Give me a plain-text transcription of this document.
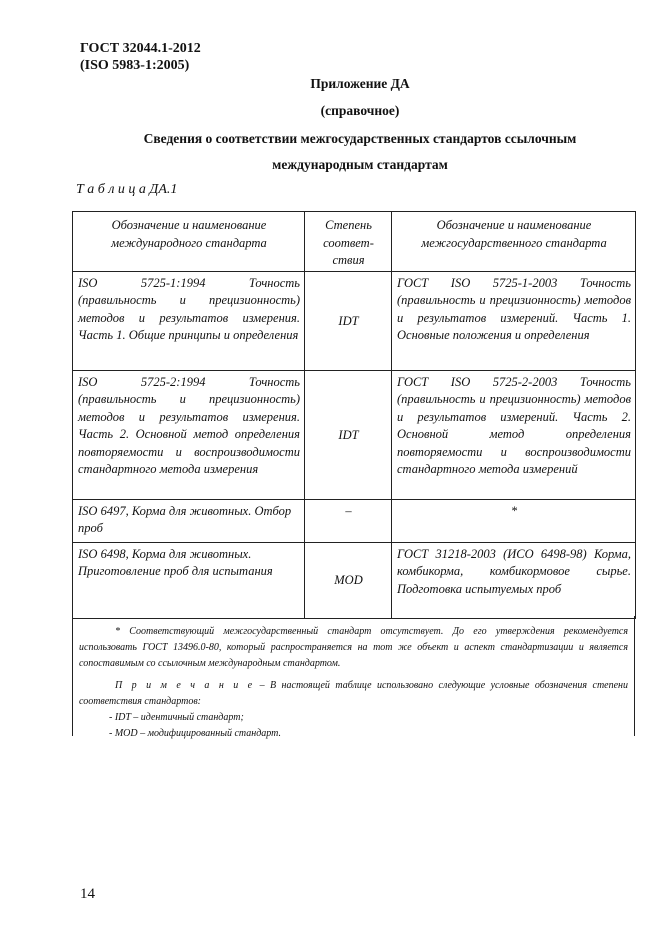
ГОСТ 32044.1-2012
(ISO 5983-1:2005)
Приложение ДА
(справочное)
Сведения о соответствии межгосударственных стандартов ссылочным
международным стандартам
Т а б л и ц а ДА.1
Обозначение и наименование международного стандарта	Степень соответ-ствия	Обозначение и наименование межгосударственного стандарта
ISO 5725-1:1994 Точность (правильность и прецизионность) методов и результатов измерения. Часть 1. Общие принципы и определения	IDT	ГОСТ ISO 5725-1-2003 Точность (правильность и прецизионность) методов и результатов измерений. Часть 1. Основные положения и определения
ISO 5725-2:1994 Точность (правильность и прецизионность) методов и результатов измерения. Часть 2. Основной метод определения повторяемости и воспроизводимости стандартного метода измерения	IDT	ГОСТ ISO 5725-2-2003 Точность (правильность и прецизионность) методов и результатов измерений. Часть 2. Основной метод определения повторяемости и воспроизводимости стандартного метода измерений
ISO 6497, Корма для животных. Отбор проб	–	*
ISO 6498, Корма для животных. Приготовление проб для испытания	MOD	ГОСТ 31218-2003 (ИСО 6498-98) Корма, комбикорма, комбикормовое сырье. Подготовка испытуемых проб

* Соответствующий межгосударственный стандарт отсутствует. До его утверждения рекомендуется использовать ГОСТ 13496.0-80, который распространяется на тот же объект и аспект стандартизации и является сопоставимым со ссылочным международным стандартом.

П р и м е ч а н и е – В настоящей таблице использовано следующие условные обозначения степени соответствия стандартов:

- IDT – идентичный стандарт;

- MOD – модифицированный стандарт.

14
